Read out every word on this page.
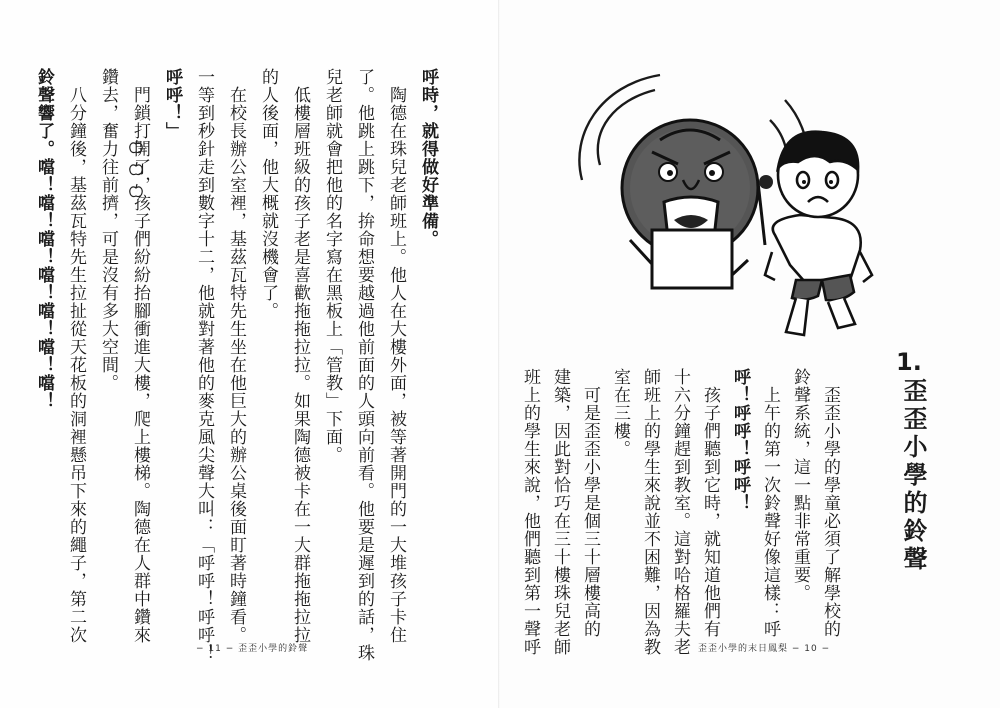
呼時，就得做好準備。
　陶德在珠兒老師班上。他人在大樓外面，被等著開門的一大堆孩子卡住
了。他跳上跳下，拚命想要越過他前面的人頭向前看。他要是遲到的話，珠
兒老師就會把他的名字寫在黑板上「管教」下面。
　低樓層班級的孩子老是喜歡拖拖拉拉。如果陶德被卡在一大群拖拖拉拉
的人後面，他大概就沒機會了。
　在校長辦公室裡，基茲瓦特先生坐在他巨大的辦公桌後面盯著時鐘看。
一等到秒針走到數字十二，他就對著他的麥克風尖聲大叫：「呼呼！呼呼！
呼呼！」
　門鎖打開了，孩子們紛紛抬腳衝進大樓，爬上樓梯。陶德在人群中鑽來
鑽去，奮力往前擠，可是沒有多大空間。
　八分鐘後，基茲瓦特先生拉扯從天花板的洞裡懸吊下來的繩子，第二次
鈴聲響了。噹！噹！噹！噹！噹！噹！噹！
− 11 − 歪歪小學的鈴聲
1.
歪歪小學的鈴聲
　歪歪小學的學童必須了解學校的
鈴聲系統，這一點非常重要。
　上午的第一次鈴聲好像這樣：呼
呼！呼呼！呼呼！
　孩子們聽到它時，就知道他們有
十六分鐘趕到教室。這對哈格羅夫老
師班上的學生來說並不困難，因為教
室在三樓。
　可是歪歪小學是個三十層樓高的
建築，因此對恰巧在三十樓珠兒老師
班上的學生來說，他們聽到第一聲呼	歪歪小學的末日鳳梨 − 10 −
